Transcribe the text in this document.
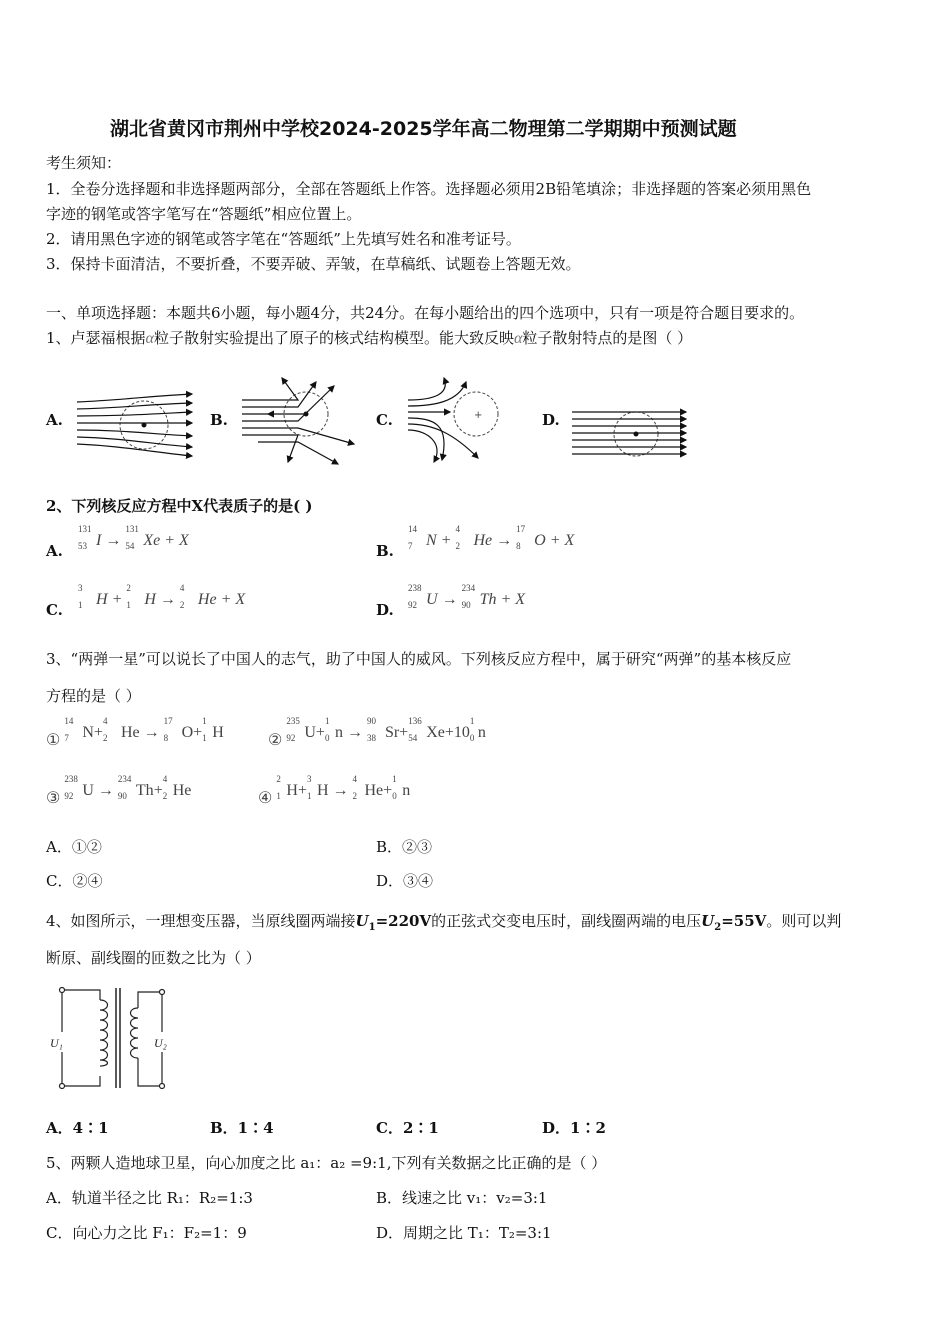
湖北省黄冈市荆州中学校2024-2025学年高二物理第二学期期中预测试题
考生须知：
1．全卷分选择题和非选择题两部分，全部在答题纸上作答。选择题必须用2B铅笔填涂；非选择题的答案必须用黑色
字迹的钢笔或答字笔写在“答题纸”相应位置上。
2．请用黑色字迹的钢笔或答字笔在“答题纸”上先填写姓名和准考证号。
3．保持卡面清洁，不要折叠，不要弄破、弄皱，在草稿纸、试题卷上答题无效。
一、单项选择题：本题共6小题，每小题4分，共24分。在每小题给出的四个选项中，只有一项是符合题目要求的。
1、卢瑟福根据α粒子散射实验提出了原子的核式结构模型。能大致反映α粒子散射特点的是图（ ）
A.	B.	C.	D.
+
2、下列核反应方程中X代表质子的是( )
A.
131
53 I →
131
54 Xe + X
B.
14
7 N +
4
2 He →
17
8 O + X
C.
3
1 H +
2
1 H →
4
2 He + X
D.
238
92 U →
234
90 Th + X
3、“两弹一星”可以说长了中国人的志气，助了中国人的威风。下列核反应方程中，属于研究“两弹”的基本核反应
方程的是（ ）
①
14
7 N+
4
2 He →
17
8 O+
1
1 H	②
235
92 U+
1
0 n →
90
38 Sr+
136
54 Xe+10
1
0 n
③
238
92 U →
234
90 Th+
4
2 He	④
2
1 H+
3
1 H →
4
2 He+
1
0 n
A．①②	B．②③
C．②④	D．③④
4、如图所示，一理想变压器，当原线圈两端接$U_1=220V$的正弦式交变电压时，副线圈两端的电压$U_2=55V$。则可以判
断原、副线圈的匝数之比为（ ）
U₁	U₂
A．4∶1	B．1∶4	C．2∶1	D．1∶2
5、两颗人造地球卫星，向心加度之比 a₁：a₂ =9:1,下列有关数据之比正确的是（ ）
A．轨道半径之比 R₁：R₂=1:3	B．线速之比 v₁：v₂=3:1
C．向心力之比 F₁：F₂=1：9	D．周期之比 T₁：T₂=3:1
